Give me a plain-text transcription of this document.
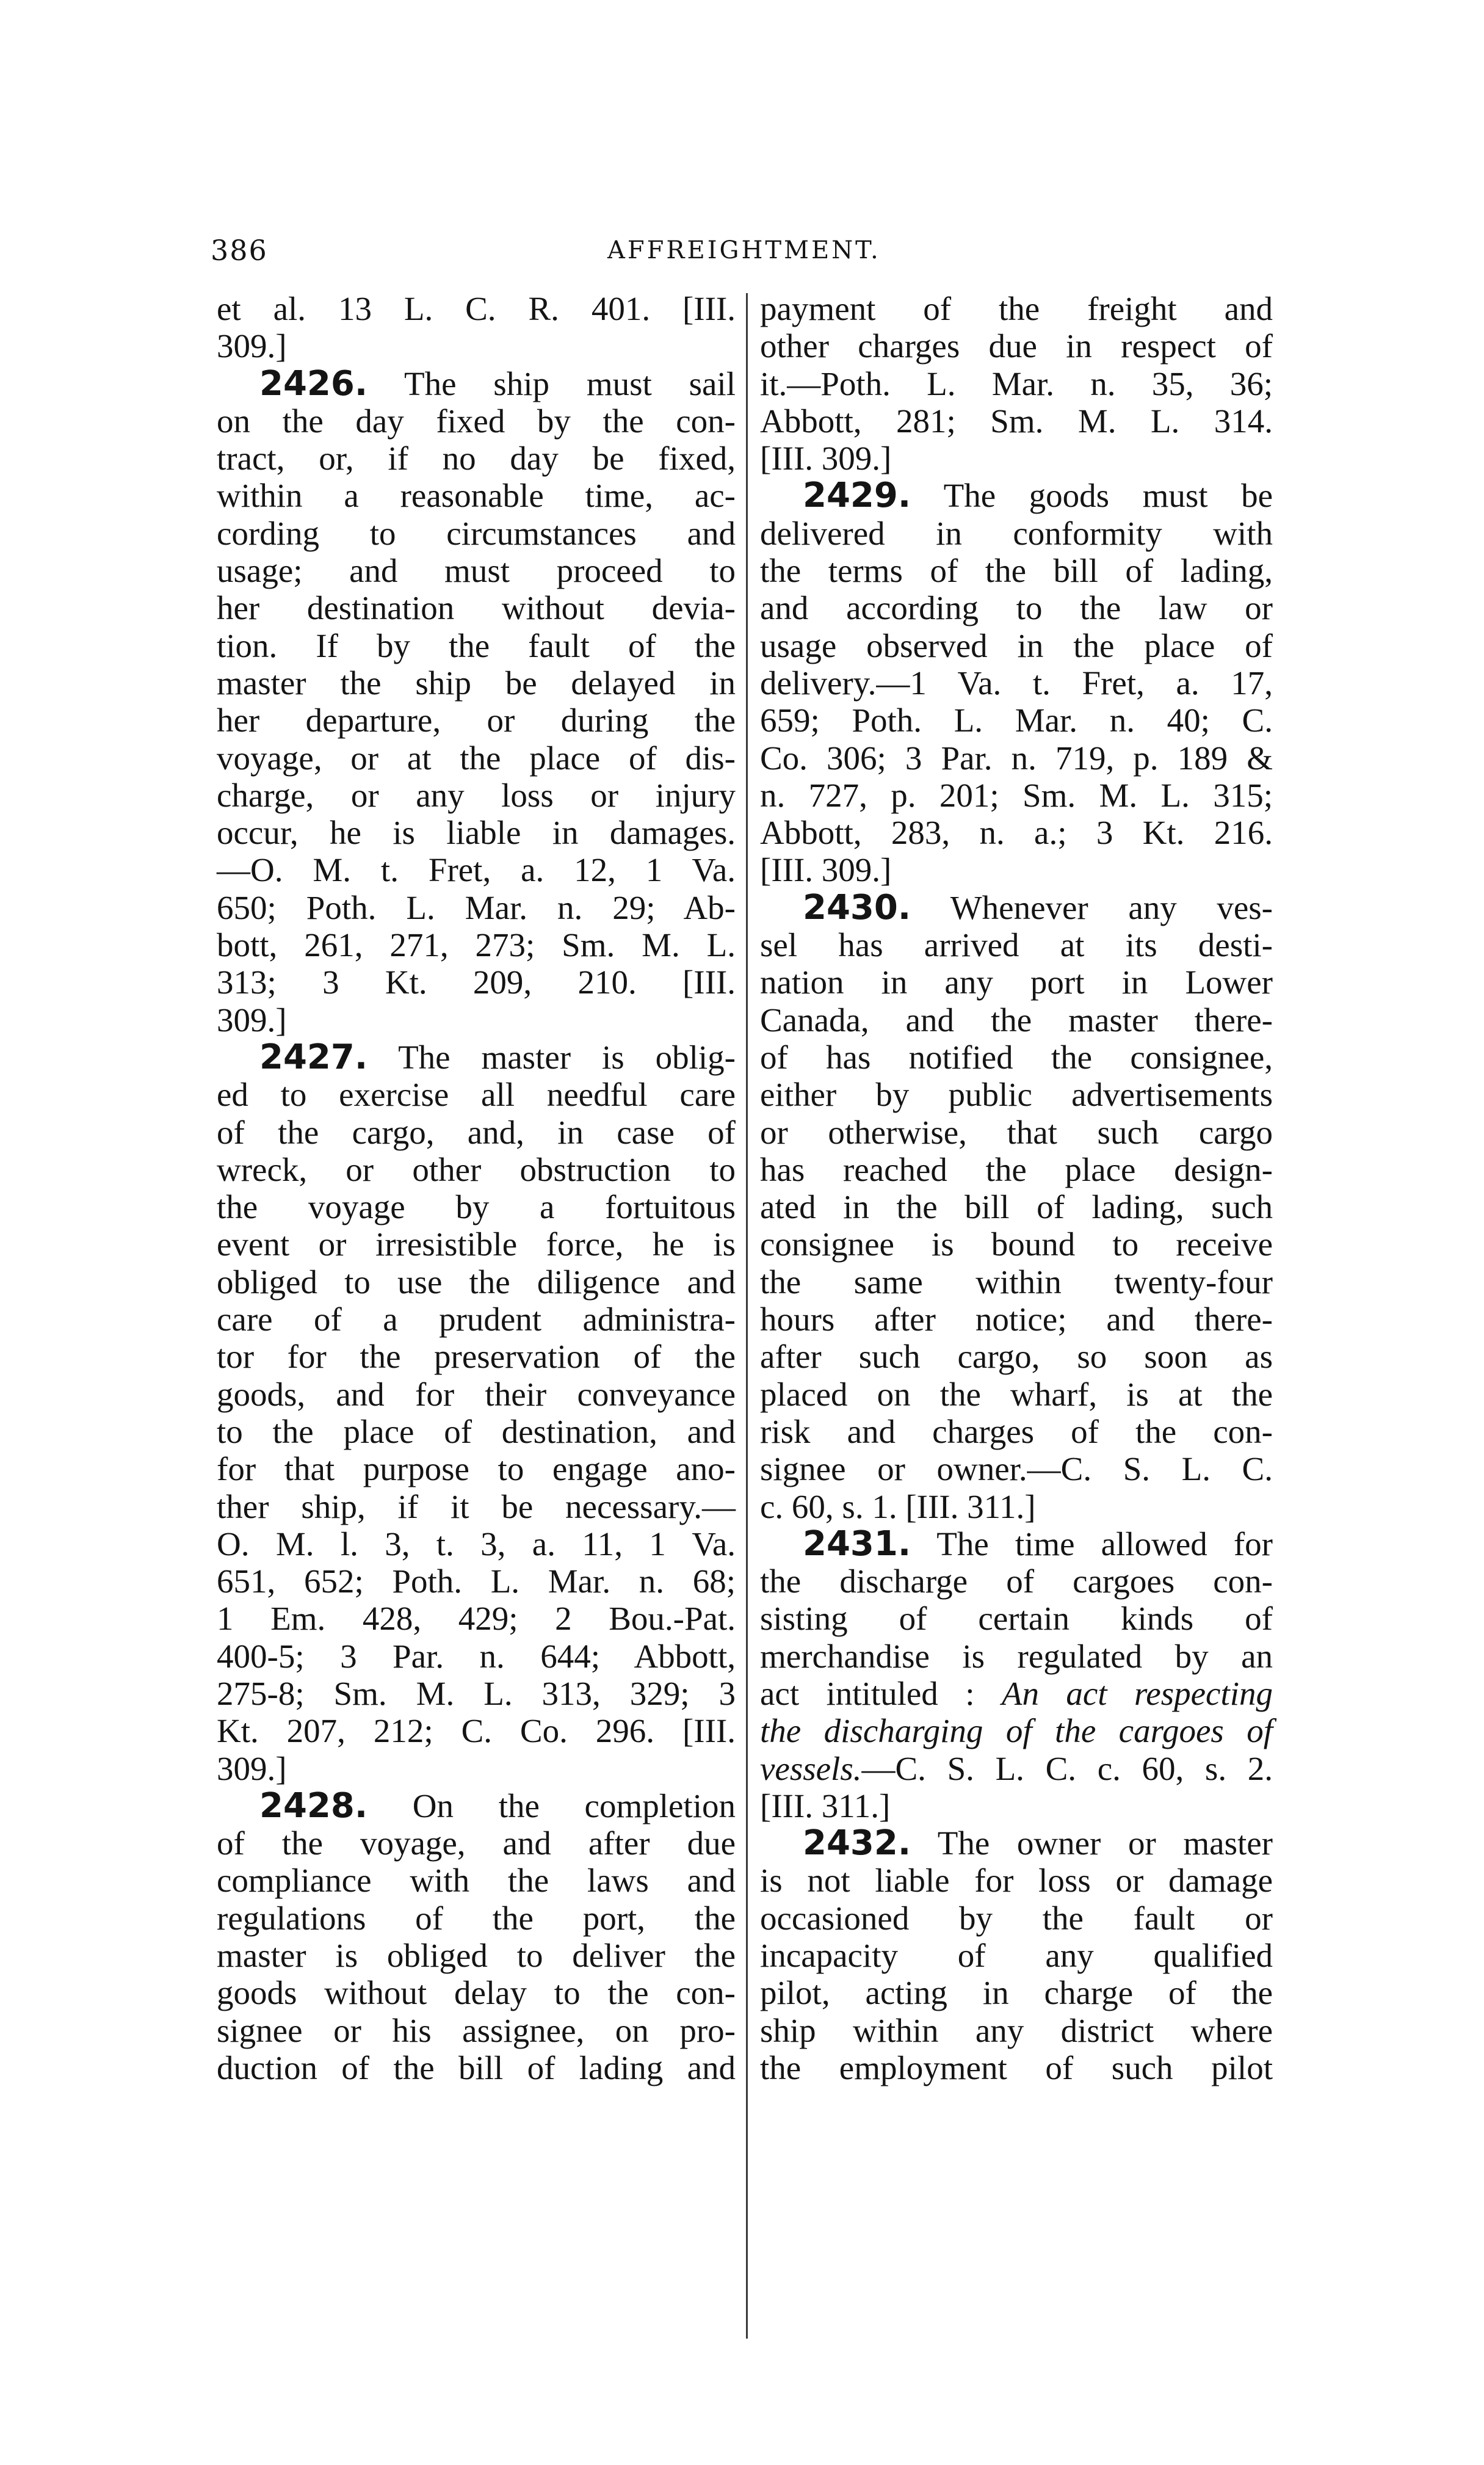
386	AFFREIGHTMENT.
et al. 13 L. C. R. 401. [III.
309.]
2426. The ship must sail
on the day fixed by the con-
tract, or, if no day be fixed,
within a reasonable time, ac-
cording to circumstances and
usage; and must proceed to
her destination without devia-
tion. If by the fault of the
master the ship be delayed in
her departure, or during the
voyage, or at the place of dis-
charge, or any loss or injury
occur, he is liable in damages.
—O. M. t. Fret, a. 12, 1 Va.
650; Poth. L. Mar. n. 29; Ab-
bott, 261, 271, 273; Sm. M. L.
313; 3 Kt. 209, 210. [III.
309.]
2427. The master is oblig-
ed to exercise all needful care
of the cargo, and, in case of
wreck, or other obstruction to
the voyage by a fortuitous
event or irresistible force, he is
obliged to use the diligence and
care of a prudent administra-
tor for the preservation of the
goods, and for their conveyance
to the place of destination, and
for that purpose to engage ano-
ther ship, if it be necessary.—
O. M. l. 3, t. 3, a. 11, 1 Va.
651, 652; Poth. L. Mar. n. 68;
1 Em. 428, 429; 2 Bou.-Pat.
400-5; 3 Par. n. 644; Abbott,
275-8; Sm. M. L. 313, 329; 3
Kt. 207, 212; C. Co. 296. [III.
309.]
2428. On the completion
of the voyage, and after due
compliance with the laws and
regulations of the port, the
master is obliged to deliver the
goods without delay to the con-
signee or his assignee, on pro-
duction of the bill of lading and
payment of the freight and
other charges due in respect of
it.—Poth. L. Mar. n. 35, 36;
Abbott, 281; Sm. M. L. 314.
[III. 309.]
2429. The goods must be
delivered in conformity with
the terms of the bill of lading,
and according to the law or
usage observed in the place of
delivery.—1 Va. t. Fret, a. 17,
659; Poth. L. Mar. n. 40; C.
Co. 306; 3 Par. n. 719, p. 189 &
n. 727, p. 201; Sm. M. L. 315;
Abbott, 283, n. a.; 3 Kt. 216.
[III. 309.]
2430. Whenever any ves-
sel has arrived at its desti-
nation in any port in Lower
Canada, and the master there-
of has notified the consignee,
either by public advertisements
or otherwise, that such cargo
has reached the place design-
ated in the bill of lading, such
consignee is bound to receive
the same within twenty-four
hours after notice; and there-
after such cargo, so soon as
placed on the wharf, is at the
risk and charges of the con-
signee or owner.—C. S. L. C.
c. 60, s. 1. [III. 311.]
2431. The time allowed for
the discharge of cargoes con-
sisting of certain kinds of
merchandise is regulated by an
act intituled : An act respecting
the discharging of the cargoes of
vessels.—C. S. L. C. c. 60, s. 2.
[III. 311.]
2432. The owner or master
is not liable for loss or damage
occasioned by the fault or
incapacity of any qualified
pilot, acting in charge of the
ship within any district where
the employment of such pilot
